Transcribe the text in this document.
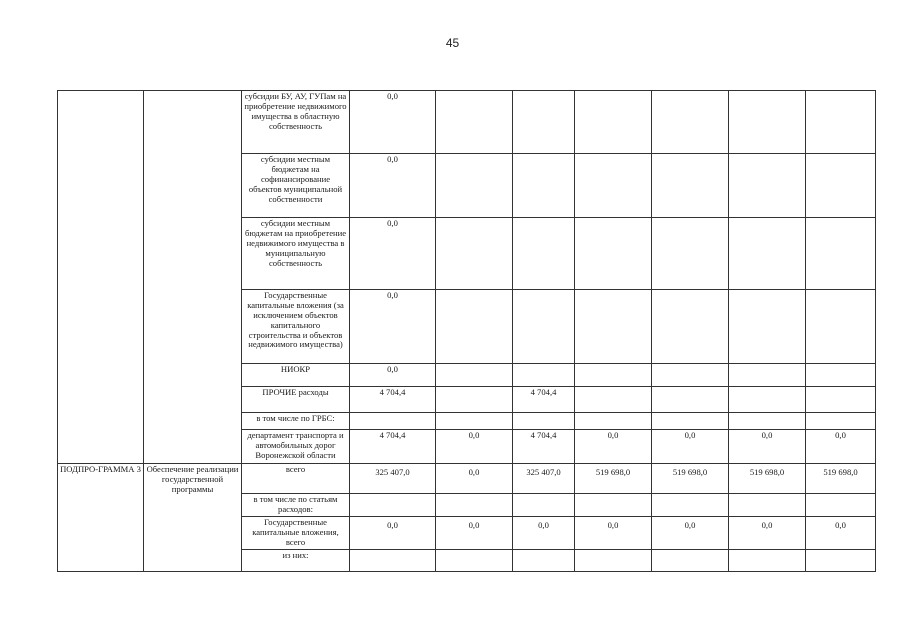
45
		субсидии БУ, АУ, ГУПам на приобретение недвижимого имущества в областную собственность	0,0						
		субсидии местным бюджетам на софинансирование объектов муниципальной собственности	0,0						
		субсидии местным бюджетам на приобретение недвижимого имущества в муниципальную собственность	0,0						
		Государственные капитальные вложения (за исключением объектов капитального строительства и объектов недвижимого имущества)	0,0						
		НИОКР	0,0						
		ПРОЧИЕ расходы	4 704,4		4 704,4				
		в том числе по ГРБС:							
		департамент транспорта и автомобильных дорог Воронежской области	4 704,4	0,0	4 704,4	0,0	0,0	0,0	0,0
ПОДПРО-ГРАММА 3	Обеспечение реализации государственной программы	всего	325 407,0	0,0	325 407,0	519 698,0	519 698,0	519 698,0	519 698,0
		в том числе по статьям расходов:							
		Государственные капитальные вложения, всего	0,0	0,0	0,0	0,0	0,0	0,0	0,0
		из них:							
